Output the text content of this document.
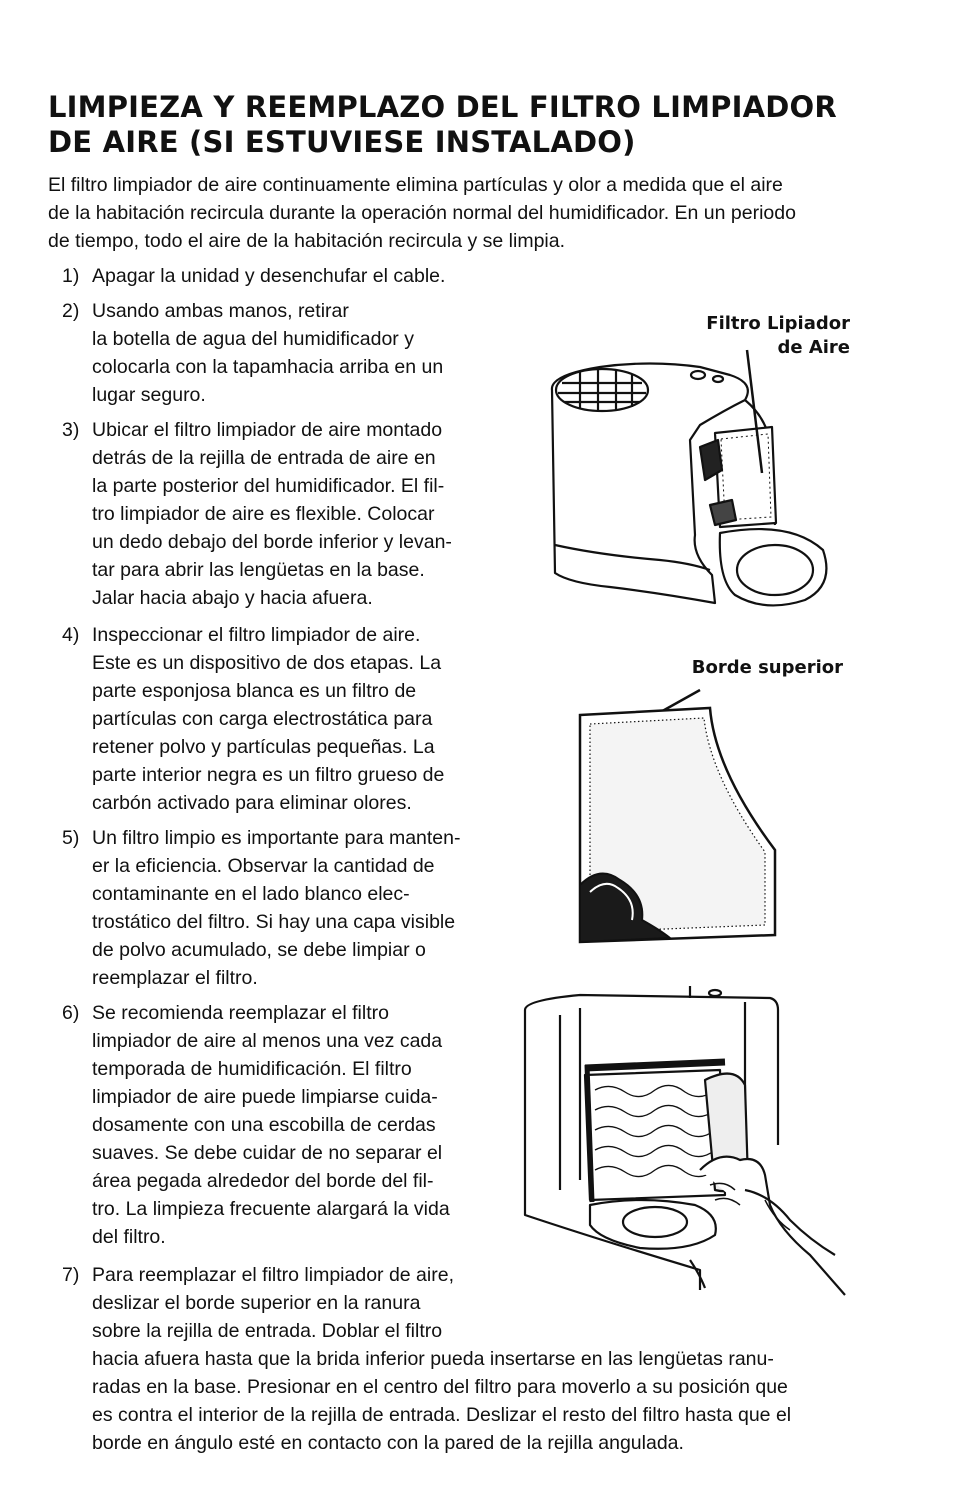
LIMPIEZA Y REEMPLAZO DEL FILTRO LIMPIADOR
DE AIRE (SI ESTUVIESE INSTALADO)

El filtro limpiador de aire continuamente elimina partículas y olor a medida que el aire
de la habitación recircula durante la operación normal del humidificador. En un periodo
de tiempo, todo el aire de la habitación recircula y se limpia.

1) Apagar la unidad y desenchufar el cable.
2) Usando ambas manos, retirar
la botella de agua del humidificador y
colocarla con la tapamhacia arriba en un
lugar seguro.
3) Ubicar el filtro limpiador de aire montado
detrás de la rejilla de entrada de aire en
la parte posterior del humidificador. El fil-
tro limpiador de aire es flexible. Colocar
un dedo debajo del borde inferior y levan-
tar para abrir las lengüetas en la base.
Jalar hacia abajo y hacia afuera.
4) Inspeccionar el filtro limpiador de aire.
Este es un dispositivo de dos etapas. La
parte esponjosa blanca es un filtro de
partículas con carga electrostática para
retener polvo y partículas pequeñas. La
parte interior negra es un filtro grueso de
carbón activado para eliminar olores.
5) Un filtro limpio es importante para manten-
er la eficiencia. Observar la cantidad de
contaminante en el lado blanco elec-
trostático del filtro. Si hay una capa visible
de polvo acumulado, se debe limpiar o
reemplazar el filtro.
6) Se recomienda reemplazar el filtro
limpiador de aire al menos una vez cada
temporada de humidificación. El filtro
limpiador de aire puede limpiarse cuida-
dosamente con una escobilla de cerdas
suaves. Se debe cuidar de no separar el
área pegada alrededor del borde del fil-
tro. La limpieza frecuente alargará la vida
del filtro.
7) Para reemplazar el filtro limpiador de aire,
deslizar el borde superior en la ranura
sobre la rejilla de entrada. Doblar el filtro
hacia afuera hasta que la brida inferior pueda insertarse en las lengüetas ranu-
radas en la base. Presionar en el centro del filtro para moverlo a su posición que
es contra el interior de la rejilla de entrada. Deslizar el resto del filtro hasta que el
borde en ángulo esté en contacto con la pared de la rejilla angulada.
Filtro Lipiador
de Aire
Borde superior
